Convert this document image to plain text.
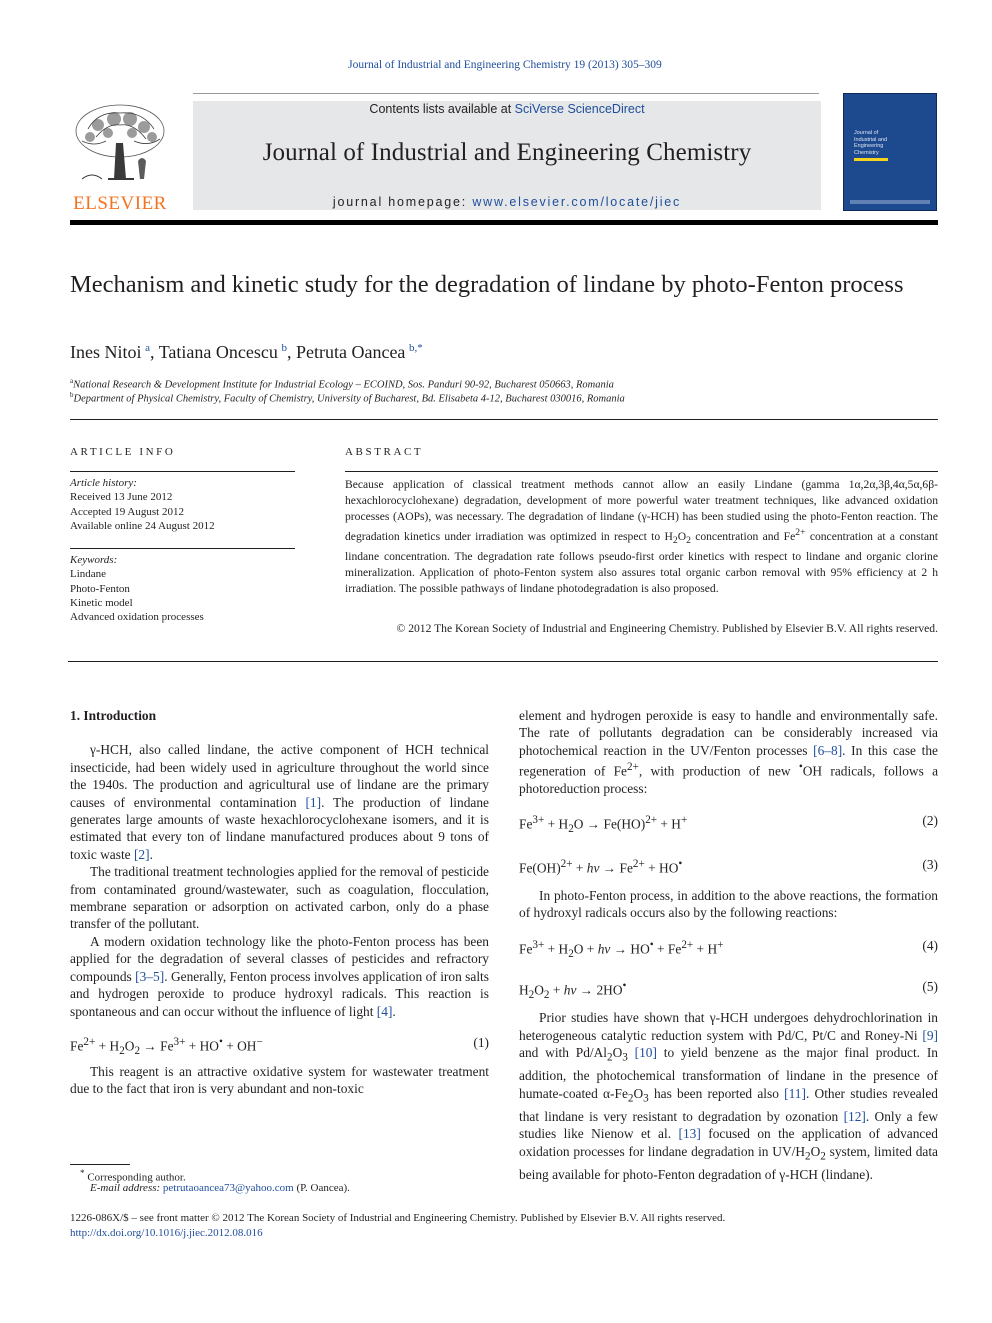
Journal of Industrial and Engineering Chemistry 19 (2013) 305–309
ELSEVIER
Contents lists available at SciVerse ScienceDirect
Journal of Industrial and Engineering Chemistry
journal homepage: www.elsevier.com/locate/jiec
Journal of
Industrial and
Engineering
Chemistry
Mechanism and kinetic study for the degradation of lindane by photo-Fenton process
Ines Nitoi  $^a$, Tatiana Oncescu  $^b$, Petruta Oancea  $^{b,*}$
$^a$National Research & Development Institute for Industrial Ecology – ECOIND, Sos. Panduri 90-92, Bucharest 050663, Romania
$^b$Department of Physical Chemistry, Faculty of Chemistry, University of Bucharest, Bd. Elisabeta 4-12, Bucharest 030016, Romania
ARTICLE INFO	ABSTRACT
Article history:
Received 13 June 2012
Accepted 19 August 2012
Available online 24 August 2012
Keywords:
Lindane
Photo-Fenton
Kinetic model
Advanced oxidation processes
Because application of classical treatment methods cannot allow an easily Lindane (gamma 1α,2α,3β,4α,5α,6β-hexachlorocyclohexane) degradation, development of more powerful water treatment techniques, like advanced oxidation processes (AOPs), was necessary. The degradation of lindane (γ-HCH) has been studied using the photo-Fenton reaction. The degradation kinetics under irradiation was optimized in respect to $H_2O_2$ concentration and $Fe^{2+}$ concentration at a constant lindane concentration. The degradation rate follows pseudo-first order kinetics with respect to lindane and organic clorine mineralization. Application of photo-Fenton system also assures total organic carbon removal with 95% efficiency at 2 h irradiation. The possible pathways of lindane photodegradation is also proposed.
© 2012 The Korean Society of Industrial and Engineering Chemistry. Published by Elsevier B.V. All rights reserved.

1. Introduction

γ-HCH, also called lindane, the active component of HCH technical insecticide, had been widely used in agriculture throughout the world since the 1940s. The production and agricultural use of lindane are the primary causes of environmental contamination [1]. The production of lindane generates large amounts of waste hexachlorocyclohexane isomers, and it is estimated that every ton of lindane manufactured produces about 9 tons of toxic waste [2].

The traditional treatment technologies applied for the removal of pesticide from contaminated ground/wastewater, such as coagulation, flocculation, membrane separation or adsorption on activated carbon, only do a phase transfer of the pollutant.

A modern oxidation technology like the photo-Fenton process has been applied for the degradation of several classes of pesticides and refractory compounds [3–5]. Generally, Fenton process involves application of iron salts and hydrogen peroxide to produce hydroxyl radicals. This reaction is spontaneous and can occur without the influence of light [4].

$Fe^{2+} + H_2O_2 \to Fe^{3+} + HO^• + OH^-$	(1)

This reagent is an attractive oxidative system for wastewater treatment due to the fact that iron is very abundant and non-toxic

element and hydrogen peroxide is easy to handle and environmentally safe. The rate of pollutants degradation can be considerably increased via photochemical reaction in the UV/Fenton processes [6–8]. In this case the regeneration of $Fe^{2+}$, with production of new •OH radicals, follows a photoreduction process:

$Fe^{3+} + H_2O \to Fe(HO)^{2+} + H^+$	(2)
$Fe(OH)^{2+} + h\nu \to Fe^{2+} + HO^•$	(3)

In photo-Fenton process, in addition to the above reactions, the formation of hydroxyl radicals occurs also by the following reactions:

$Fe^{3+} + H_2O + h\nu \to HO^• + Fe^{2+} + H^+$	(4)
$H_2O_2 + h\nu \to 2HO^•$	(5)

Prior studies have shown that γ-HCH undergoes dehydrochlorination in heterogeneous catalytic reduction system with Pd/C, Pt/C and Roney-Ni [9] and with $Pd/Al_2O_3$ [10] to yield benzene as the major final product. In addition, the photochemical transformation of lindane in the presence of humate-coated $\alpha-Fe_2O_3$ has been reported also [11]. Other studies revealed that lindane is very resistant to degradation by ozonation [12]. Only a few studies like Nienow et al. [13] focused on the application of advanced oxidation processes for lindane degradation in $UV/H_2O_2$ system, limited data being available for photo-Fenton degradation of γ-HCH (lindane).

* Corresponding author.
E-mail address: petrutaoancea73@yahoo.com (P. Oancea).
1226-086X/$ – see front matter © 2012 The Korean Society of Industrial and Engineering Chemistry. Published by Elsevier B.V. All rights reserved.
http://dx.doi.org/10.1016/j.jiec.2012.08.016
